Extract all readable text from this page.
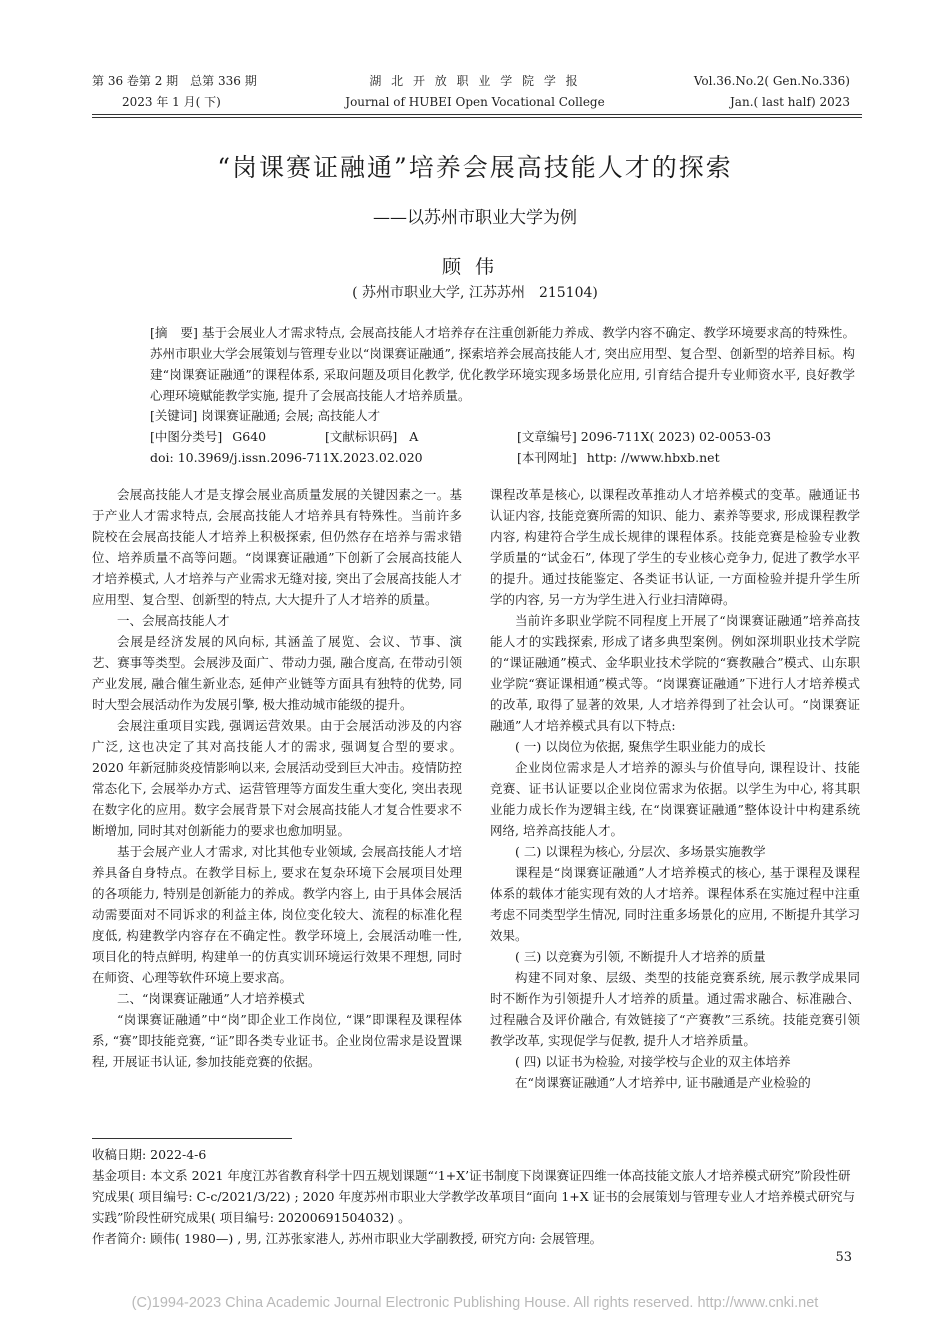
第 36 卷第 2 期　总第 336 期
2023 年 1 月( 下)
湖 北 开 放 职 业 学 院 学 报
Journal of HUBEI Open Vocational College
Vol.36.No.2( Gen.No.336)
Jan.( last half) 2023
“岗课赛证融通”培养会展高技能人才的探索
——以苏州市职业大学为例
顾伟
( 苏州市职业大学, 江苏苏州　215104)
[摘　要] 基于会展业人才需求特点, 会展高技能人才培养存在注重创新能力养成、教学内容不确定、教学环境要求高的特殊性。苏州市职业大学会展策划与管理专业以“岗课赛证融通”, 探索培养会展高技能人才, 突出应用型、复合型、创新型的培养目标。构建“岗课赛证融通”的课程体系, 采取问题及项目化教学, 优化教学环境实现多场景化应用, 引育结合提升专业师资水平, 良好教学心理环境赋能教学实施, 提升了会展高技能人才培养质量。
[关键词] 岗课赛证融通; 会展; 高技能人才
[中图分类号] G640	[文献标识码] A	[文章编号] 2096-711X( 2023) 02-0053-03
doi: 10.3969/j.issn.2096-711X.2023.02.020	[本刊网址] http: //www.hbxb.net

会展高技能人才是支撑会展业高质量发展的关键因素之一。基于产业人才需求特点, 会展高技能人才培养具有特殊性。当前许多院校在会展高技能人才培养上积极探索, 但仍然存在培养与需求错位、培养质量不高等问题。“岗课赛证融通”下创新了会展高技能人才培养模式, 人才培养与产业需求无缝对接, 突出了会展高技能人才应用型、复合型、创新型的特点, 大大提升了人才培养的质量。

一、会展高技能人才

会展是经济发展的风向标, 其涵盖了展览、会议、节事、演艺、赛事等类型。会展涉及面广、带动力强, 融合度高, 在带动引领产业发展, 融合催生新业态, 延伸产业链等方面具有独特的优势, 同时大型会展活动作为发展引擎, 极大推动城市能级的提升。

会展注重项目实践, 强调运营效果。由于会展活动涉及的内容广泛, 这也决定了其对高技能人才的需求, 强调复合型的要求。2020 年新冠肺炎疫情影响以来, 会展活动受到巨大冲击。疫情防控常态化下, 会展举办方式、运营管理等方面发生重大变化, 突出表现在数字化的应用。数字会展背景下对会展高技能人才复合性要求不断增加, 同时其对创新能力的要求也愈加明显。

基于会展产业人才需求, 对比其他专业领域, 会展高技能人才培养具备自身特点。在教学目标上, 要求在复杂环境下会展项目处理的各项能力, 特别是创新能力的养成。教学内容上, 由于具体会展活动需要面对不同诉求的利益主体, 岗位变化较大、流程的标准化程度低, 构建教学内容存在不确定性。教学环境上, 会展活动唯一性, 项目化的特点鲜明, 构建单一的仿真实训环境运行效果不理想, 同时在师资、心理等软件环境上要求高。

二、“岗课赛证融通”人才培养模式

“岗课赛证融通”中“岗”即企业工作岗位, “课”即课程及课程体系, “赛”即技能竞赛, “证”即各类专业证书。企业岗位需求是设置课程, 开展证书认证, 参加技能竞赛的依据。

课程改革是核心, 以课程改革推动人才培养模式的变革。融通证书认证内容, 技能竞赛所需的知识、能力、素养等要求, 形成课程教学内容, 构建符合学生成长规律的课程体系。技能竞赛是检验专业教学质量的“试金石”, 体现了学生的专业核心竞争力, 促进了教学水平的提升。通过技能鉴定、各类证书认证, 一方面检验并提升学生所学的内容, 另一方为学生进入行业扫清障碍。

当前许多职业学院不同程度上开展了“岗课赛证融通”培养高技能人才的实践探索, 形成了诸多典型案例。例如深圳职业技术学院的“课证融通”模式、金华职业技术学院的“赛教融合”模式、山东职业学院“赛证课相通”模式等。“岗课赛证融通”下进行人才培养模式的改革, 取得了显著的效果, 人才培养得到了社会认可。“岗课赛证融通”人才培养模式具有以下特点:

( 一) 以岗位为依据, 聚焦学生职业能力的成长

企业岗位需求是人才培养的源头与价值导向, 课程设计、技能竞赛、证书认证要以企业岗位需求为依据。以学生为中心, 将其职业能力成长作为逻辑主线, 在“岗课赛证融通”整体设计中构建系统网络, 培养高技能人才。

( 二) 以课程为核心, 分层次、多场景实施教学

课程是“岗课赛证融通”人才培养模式的核心, 基于课程及课程体系的载体才能实现有效的人才培养。课程体系在实施过程中注重考虑不同类型学生情况, 同时注重多场景化的应用, 不断提升其学习效果。

( 三) 以竞赛为引领, 不断提升人才培养的质量

构建不同对象、层级、类型的技能竞赛系统, 展示教学成果同时不断作为引领提升人才培养的质量。通过需求融合、标准融合、过程融合及评价融合, 有效链接了“产赛教”三系统。技能竞赛引领教学改革, 实现促学与促教, 提升人才培养质量。

( 四) 以证书为检验, 对接学校与企业的双主体培养

在“岗课赛证融通”人才培养中, 证书融通是产业检验的

收稿日期: 2022-4-6

基金项目: 本文系 2021 年度江苏省教育科学十四五规划课题“‘1+X’证书制度下岗课赛证四维一体高技能文旅人才培养模式研究”阶段性研究成果( 项目编号: C-c/2021/3/22) ; 2020 年度苏州市职业大学教学改革项目“面向 1+X 证书的会展策划与管理专业人才培养模式研究与实践”阶段性研究成果( 项目编号: 20200691504032) 。

作者简介: 顾伟( 1980—) , 男, 江苏张家港人, 苏州市职业大学副教授, 研究方向: 会展管理。

53
(C)1994-2023 China Academic Journal Electronic Publishing House. All rights reserved. http://www.cnki.net
